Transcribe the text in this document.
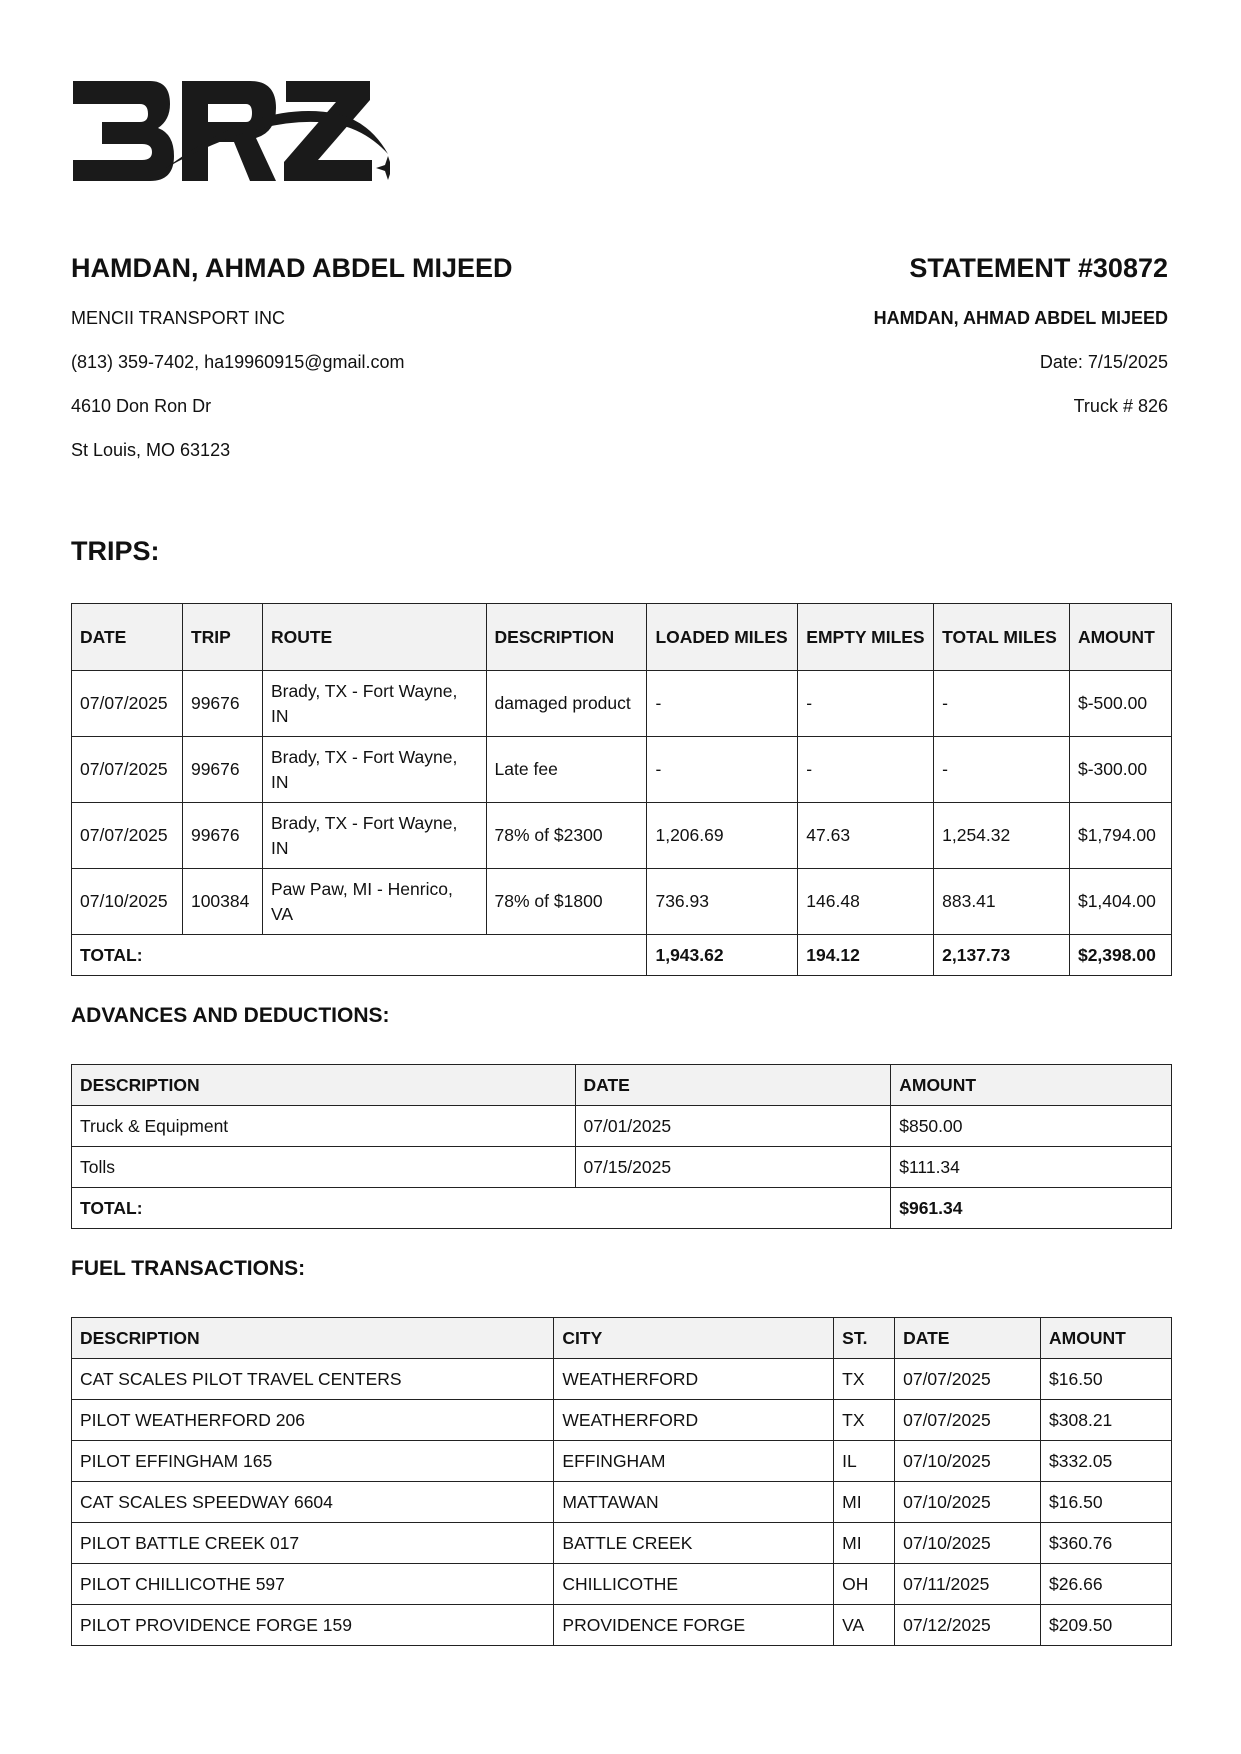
HAMDAN, AHMAD ABDEL MIJEED

MENCII TRANSPORT INC

(813) 359-7402, ha19960915@gmail.com

4610 Don Ron Dr

St Louis, MO 63123

STATEMENT #30872

HAMDAN, AHMAD ABDEL MIJEED

Date: 7/15/2025

Truck # 826

TRIPS:
DATE	TRIP	ROUTE	DESCRIPTION	LOADED MILES	EMPTY MILES	TOTAL MILES	AMOUNT
07/07/2025	99676	Brady, TX - Fort Wayne, IN	damaged product	-	-	-	$-500.00
07/07/2025	99676	Brady, TX - Fort Wayne, IN	Late fee	-	-	-	$-300.00
07/07/2025	99676	Brady, TX - Fort Wayne, IN	78% of $2300	1,206.69	47.63	1,254.32	$1,794.00
07/10/2025	100384	Paw Paw, MI - Henrico, VA	78% of $1800	736.93	146.48	883.41	$1,404.00
TOTAL:				1,943.62	194.12	2,137.73	$2,398.00
ADVANCES AND DEDUCTIONS:
DESCRIPTION	DATE	AMOUNT
Truck & Equipment	07/01/2025	$850.00
Tolls	07/15/2025	$111.34
TOTAL:		$961.34
FUEL TRANSACTIONS:
DESCRIPTION	CITY	ST.	DATE	AMOUNT
CAT SCALES PILOT TRAVEL CENTERS	WEATHERFORD	TX	07/07/2025	$16.50
PILOT WEATHERFORD 206	WEATHERFORD	TX	07/07/2025	$308.21
PILOT EFFINGHAM 165	EFFINGHAM	IL	07/10/2025	$332.05
CAT SCALES SPEEDWAY 6604	MATTAWAN	MI	07/10/2025	$16.50
PILOT BATTLE CREEK 017	BATTLE CREEK	MI	07/10/2025	$360.76
PILOT CHILLICOTHE 597	CHILLICOTHE	OH	07/11/2025	$26.66
PILOT PROVIDENCE FORGE 159	PROVIDENCE FORGE	VA	07/12/2025	$209.50
